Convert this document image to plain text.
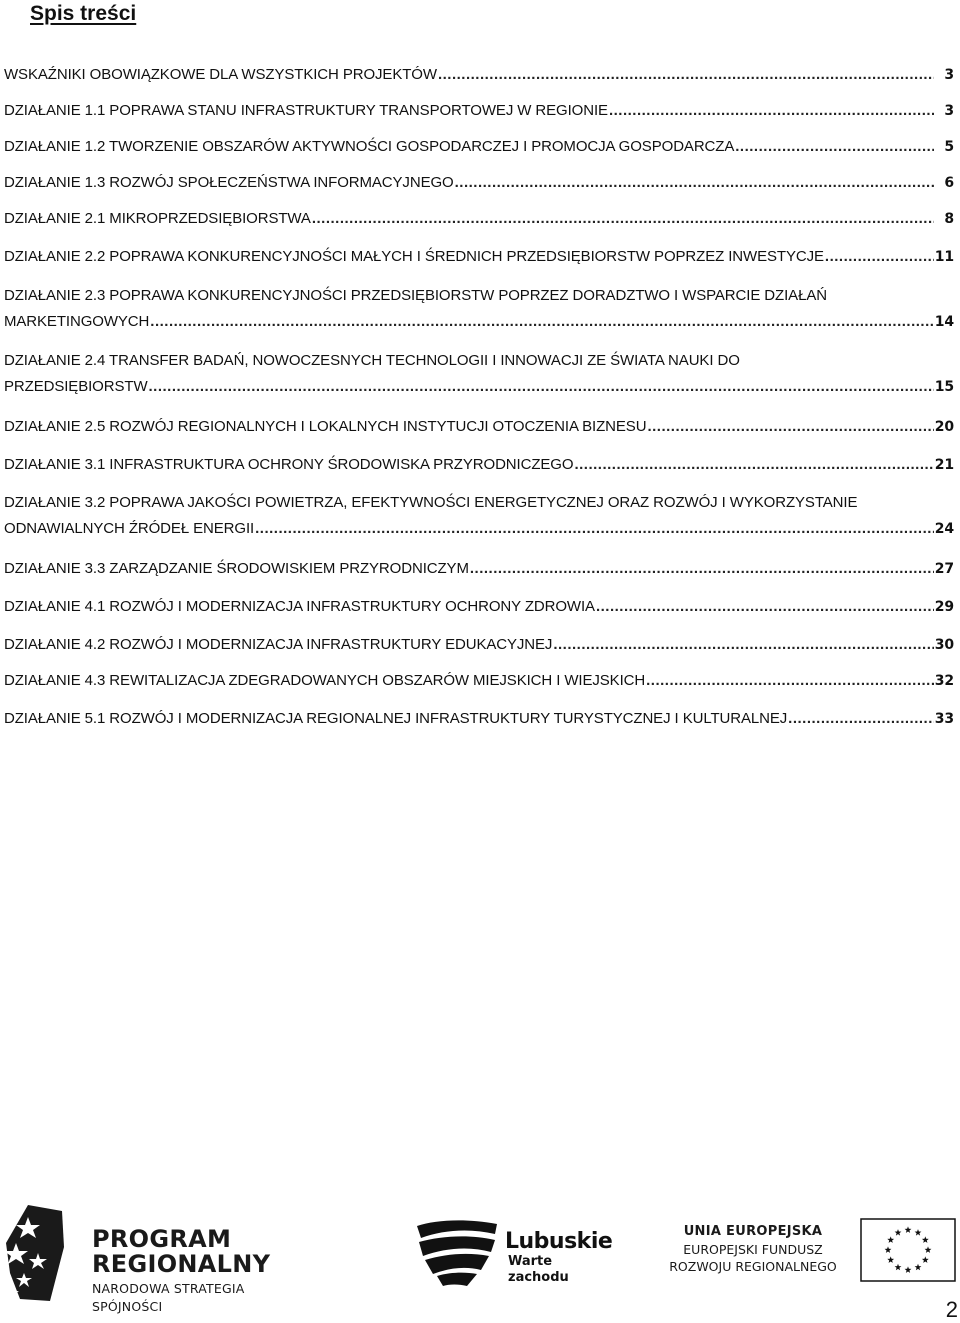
Spis treści
WSKAŹNIKI OBOWIĄZKOWE DLA WSZYSTKICH PROJEKTÓW .....	3
DZIAŁANIE 1.1 POPRAWA STANU INFRASTRUKTURY TRANSPORTOWEJ W REGIONIE .....	3
DZIAŁANIE 1.2 TWORZENIE OBSZARÓW AKTYWNOŚCI GOSPODARCZEJ I PROMOCJA GOSPODARCZA .....	5
DZIAŁANIE 1.3 ROZWÓJ SPOŁECZEŃSTWA INFORMACYJNEGO .....	6
DZIAŁANIE 2.1 MIKROPRZEDSIĘBIORSTWA .....	8
DZIAŁANIE 2.2 POPRAWA KONKURENCYJNOŚCI MAŁYCH I ŚREDNICH PRZEDSIĘBIORSTW POPRZEZ INWESTYCJE .....	11
DZIAŁANIE 2.3 POPRAWA KONKURENCYJNOŚCI PRZEDSIĘBIORSTW POPRZEZ DORADZTWO I WSPARCIE DZIAŁAŃ
MARKETINGOWYCH .....	14
DZIAŁANIE 2.4 TRANSFER BADAŃ, NOWOCZESNYCH TECHNOLOGII I INNOWACJI ZE ŚWIATA NAUKI DO
PRZEDSIĘBIORSTW .....	15
DZIAŁANIE 2.5 ROZWÓJ REGIONALNYCH I LOKALNYCH INSTYTUCJI OTOCZENIA BIZNESU .....	20
DZIAŁANIE 3.1 INFRASTRUKTURA OCHRONY ŚRODOWISKA PRZYRODNICZEGO .....	21
DZIAŁANIE 3.2 POPRAWA JAKOŚCI POWIETRZA, EFEKTYWNOŚCI ENERGETYCZNEJ ORAZ ROZWÓJ I WYKORZYSTANIE
ODNAWIALNYCH ŹRÓDEŁ ENERGII .....	24
DZIAŁANIE 3.3 ZARZĄDZANIE ŚRODOWISKIEM PRZYRODNICZYM .....	27
DZIAŁANIE 4.1 ROZWÓJ I MODERNIZACJA INFRASTRUKTURY OCHRONY ZDROWIA .....	29
DZIAŁANIE 4.2 ROZWÓJ I MODERNIZACJA INFRASTRUKTURY EDUKACYJNEJ .....	30
DZIAŁANIE 4.3 REWITALIZACJA ZDEGRADOWANYCH OBSZARÓW MIEJSKICH I WIEJSKICH .....	32
DZIAŁANIE 5.1 ROZWÓJ I MODERNIZACJA REGIONALNEJ INFRASTRUKTURY TURYSTYCZNEJ I KULTURALNEJ .....	33
PROGRAM
REGIONALNY
NARODOWA STRATEGIA SPÓJNOŚCI
Lubuskie
Warte zachodu
UNIA EUROPEJSKA
EUROPEJSKI FUNDUSZ
ROZWOJU REGIONALNEGO
2
